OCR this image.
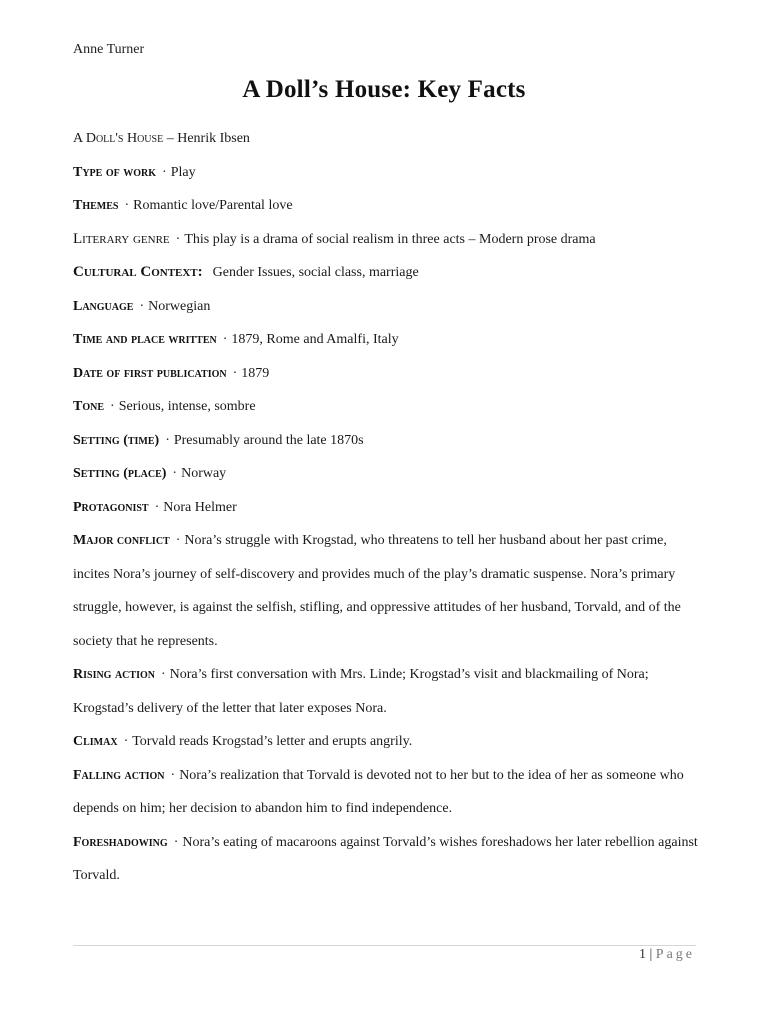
Anne Turner
A Doll’s House: Key Facts

A Doll's House – Henrik Ibsen

Type of work · Play

Themes · Romantic love/Parental love

Literary genre · This play is a drama of social realism in three acts – Modern prose drama

Cultural Context: Gender Issues, social class, marriage

Language · Norwegian

Time and place written · 1879, Rome and Amalfi, Italy

Date of first publication · 1879

Tone · Serious, intense, sombre

Setting (time) · Presumably around the late 1870s

Setting (place) · Norway

Protagonist · Nora Helmer

Major conflict · Nora’s struggle with Krogstad, who threatens to tell her husband about her past crime, incites Nora’s journey of self-discovery and provides much of the play’s dramatic suspense. Nora’s primary struggle, however, is against the selfish, stifling, and oppressive attitudes of her husband, Torvald, and of the society that he represents.

Rising action · Nora’s first conversation with Mrs. Linde; Krogstad’s visit and blackmailing of Nora; Krogstad’s delivery of the letter that later exposes Nora.

Climax · Torvald reads Krogstad’s letter and erupts angrily.

Falling action · Nora’s realization that Torvald is devoted not to her but to the idea of her as someone who depends on him; her decision to abandon him to find independence.

Foreshadowing · Nora’s eating of macaroons against Torvald’s wishes foreshadows her later rebellion against Torvald.

1 | Page
